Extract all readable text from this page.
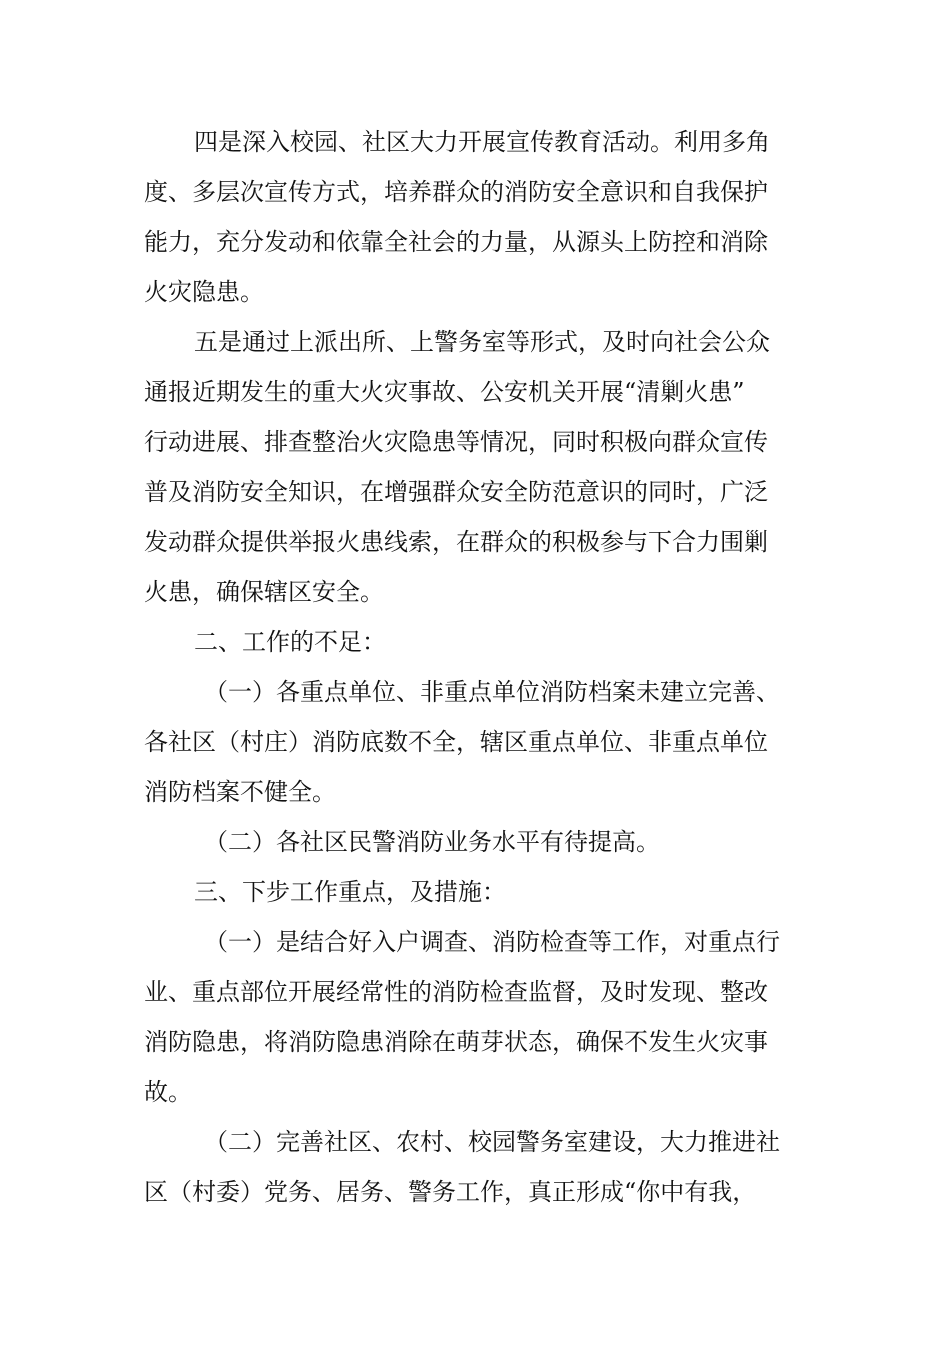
四是深入校园、社区大力开展宣传教育活动。利用多角
度、多层次宣传方式，培养群众的消防安全意识和自我保护
能力，充分发动和依靠全社会的力量，从源头上防控和消除
火灾隐患。
五是通过上派出所、上警务室等形式，及时向社会公众
通报近期发生的重大火灾事故、公安机关开展“清剿火患”
行动进展、排查整治火灾隐患等情况，同时积极向群众宣传
普及消防安全知识，在增强群众安全防范意识的同时，广泛
发动群众提供举报火患线索，在群众的积极参与下合力围剿
火患，确保辖区安全。
二、工作的不足：
（一）各重点单位、非重点单位消防档案未建立完善、
各社区（村庄）消防底数不全，辖区重点单位、非重点单位
消防档案不健全。
（二）各社区民警消防业务水平有待提高。
三、下步工作重点，及措施：
（一）是结合好入户调查、消防检查等工作，对重点行
业、重点部位开展经常性的消防检查监督，及时发现、整改
消防隐患，将消防隐患消除在萌芽状态，确保不发生火灾事
故。
（二）完善社区、农村、校园警务室建设，大力推进社
区（村委）党务、居务、警务工作，真正形成“你中有我，
